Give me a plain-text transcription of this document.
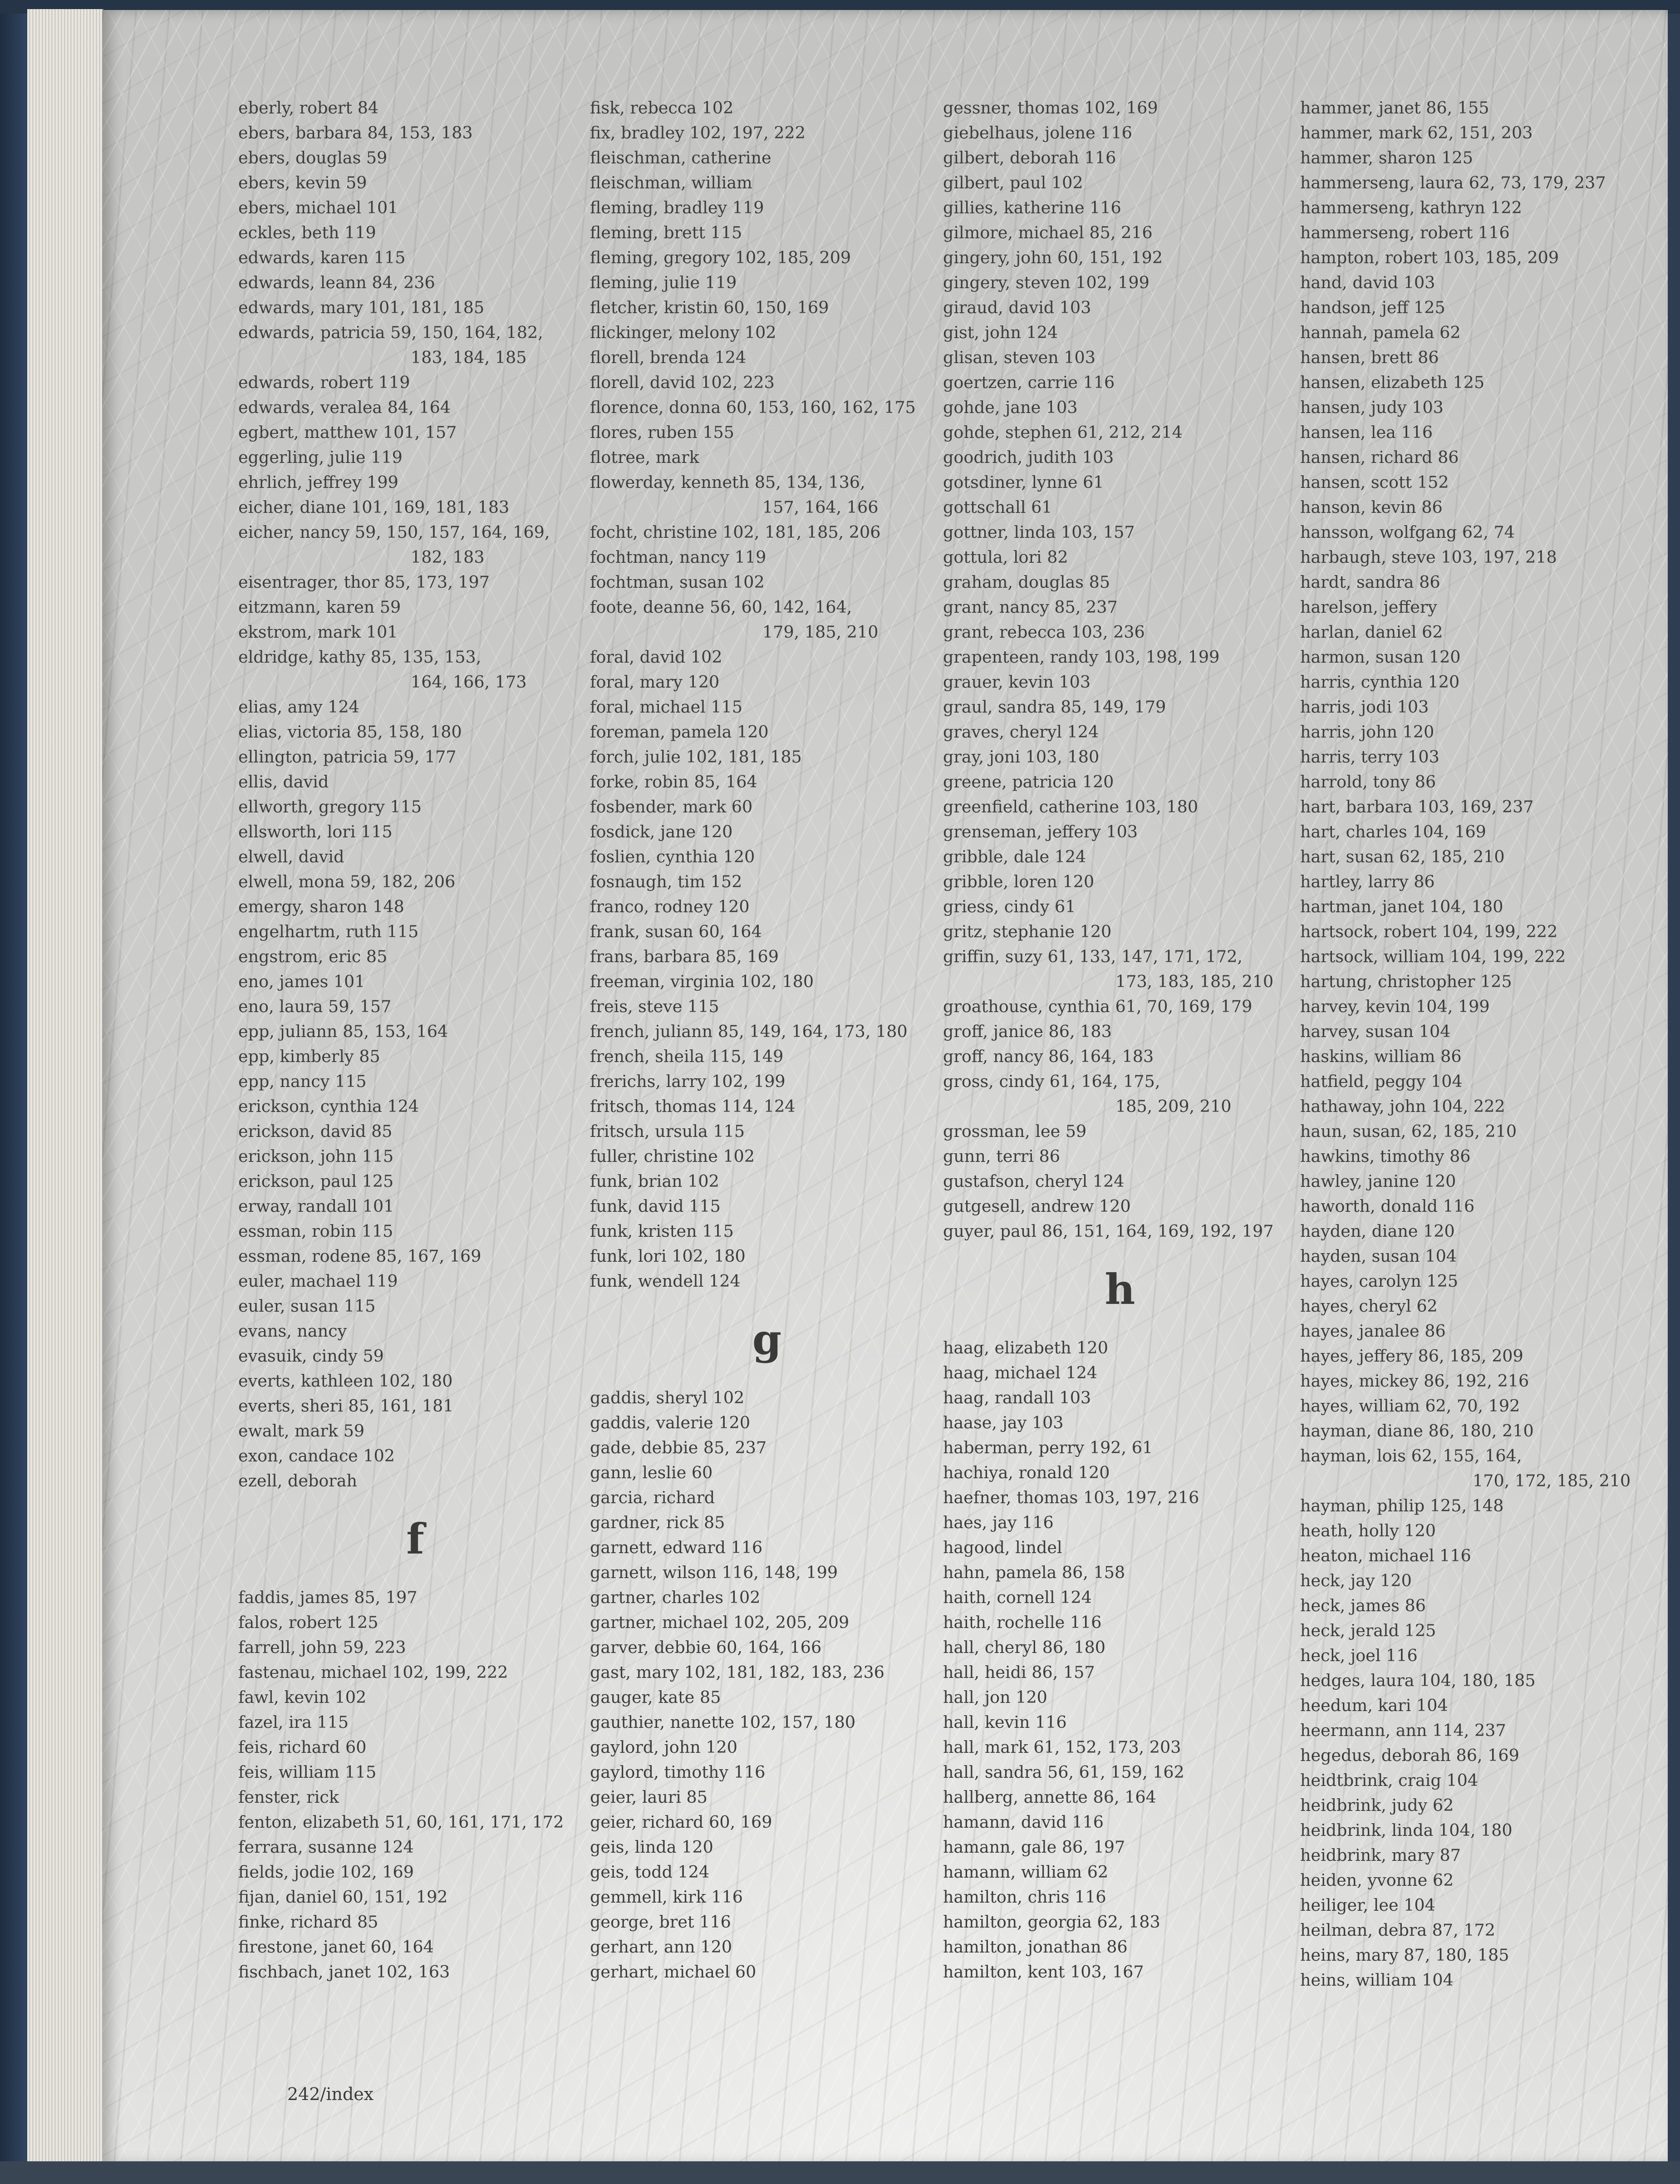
eberly, robert 84
ebers, barbara 84, 153, 183
ebers, douglas 59
ebers, kevin 59
ebers, michael 101
eckles, beth 119
edwards, karen 115
edwards, leann 84, 236
edwards, mary 101, 181, 185
edwards, patricia 59, 150, 164, 182,
183, 184, 185
edwards, robert 119
edwards, veralea 84, 164
egbert, matthew 101, 157
eggerling, julie 119
ehrlich, jeffrey 199
eicher, diane 101, 169, 181, 183
eicher, nancy 59, 150, 157, 164, 169,
182, 183
eisentrager, thor 85, 173, 197
eitzmann, karen 59
ekstrom, mark 101
eldridge, kathy 85, 135, 153,
164, 166, 173
elias, amy 124
elias, victoria 85, 158, 180
ellington, patricia 59, 177
ellis, david
ellworth, gregory 115
ellsworth, lori 115
elwell, david
elwell, mona 59, 182, 206
emergy, sharon 148
engelhartm, ruth 115
engstrom, eric 85
eno, james 101
eno, laura 59, 157
epp, juliann 85, 153, 164
epp, kimberly 85
epp, nancy 115
erickson, cynthia 124
erickson, david 85
erickson, john 115
erickson, paul 125
erway, randall 101
essman, robin 115
essman, rodene 85, 167, 169
euler, machael 119
euler, susan 115
evans, nancy
evasuik, cindy 59
everts, kathleen 102, 180
everts, sheri 85, 161, 181
ewalt, mark 59
exon, candace 102
ezell, deborah
f
faddis, james 85, 197
falos, robert 125
farrell, john 59, 223
fastenau, michael 102, 199, 222
fawl, kevin 102
fazel, ira 115
feis, richard 60
feis, william 115
fenster, rick
fenton, elizabeth 51, 60, 161, 171, 172
ferrara, susanne 124
fields, jodie 102, 169
fijan, daniel 60, 151, 192
finke, richard 85
firestone, janet 60, 164
fischbach, janet 102, 163
fisk, rebecca 102
fix, bradley 102, 197, 222
fleischman, catherine
fleischman, william
fleming, bradley 119
fleming, brett 115
fleming, gregory 102, 185, 209
fleming, julie 119
fletcher, kristin 60, 150, 169
flickinger, melony 102
florell, brenda 124
florell, david 102, 223
florence, donna 60, 153, 160, 162, 175
flores, ruben 155
flotree, mark
flowerday, kenneth 85, 134, 136,
157, 164, 166
focht, christine 102, 181, 185, 206
fochtman, nancy 119
fochtman, susan 102
foote, deanne 56, 60, 142, 164,
179, 185, 210
foral, david 102
foral, mary 120
foral, michael 115
foreman, pamela 120
forch, julie 102, 181, 185
forke, robin 85, 164
fosbender, mark 60
fosdick, jane 120
foslien, cynthia 120
fosnaugh, tim 152
franco, rodney 120
frank, susan 60, 164
frans, barbara 85, 169
freeman, virginia 102, 180
freis, steve 115
french, juliann 85, 149, 164, 173, 180
french, sheila 115, 149
frerichs, larry 102, 199
fritsch, thomas 114, 124
fritsch, ursula 115
fuller, christine 102
funk, brian 102
funk, david 115
funk, kristen 115
funk, lori 102, 180
funk, wendell 124
g
gaddis, sheryl 102
gaddis, valerie 120
gade, debbie 85, 237
gann, leslie 60
garcia, richard
gardner, rick 85
garnett, edward 116
garnett, wilson 116, 148, 199
gartner, charles 102
gartner, michael 102, 205, 209
garver, debbie 60, 164, 166
gast, mary 102, 181, 182, 183, 236
gauger, kate 85
gauthier, nanette 102, 157, 180
gaylord, john 120
gaylord, timothy 116
geier, lauri 85
geier, richard 60, 169
geis, linda 120
geis, todd 124
gemmell, kirk 116
george, bret 116
gerhart, ann 120
gerhart, michael 60
gessner, thomas 102, 169
giebelhaus, jolene 116
gilbert, deborah 116
gilbert, paul 102
gillies, katherine 116
gilmore, michael 85, 216
gingery, john 60, 151, 192
gingery, steven 102, 199
giraud, david 103
gist, john 124
glisan, steven 103
goertzen, carrie 116
gohde, jane 103
gohde, stephen 61, 212, 214
goodrich, judith 103
gotsdiner, lynne 61
gottschall 61
gottner, linda 103, 157
gottula, lori 82
graham, douglas 85
grant, nancy 85, 237
grant, rebecca 103, 236
grapenteen, randy 103, 198, 199
grauer, kevin 103
graul, sandra 85, 149, 179
graves, cheryl 124
gray, joni 103, 180
greene, patricia 120
greenfield, catherine 103, 180
grenseman, jeffery 103
gribble, dale 124
gribble, loren 120
griess, cindy 61
gritz, stephanie 120
griffin, suzy 61, 133, 147, 171, 172,
173, 183, 185, 210
groathouse, cynthia 61, 70, 169, 179
groff, janice 86, 183
groff, nancy 86, 164, 183
gross, cindy 61, 164, 175,
185, 209, 210
grossman, lee 59
gunn, terri 86
gustafson, cheryl 124
gutgesell, andrew 120
guyer, paul 86, 151, 164, 169, 192, 197
h
haag, elizabeth 120
haag, michael 124
haag, randall 103
haase, jay 103
haberman, perry 192, 61
hachiya, ronald 120
haefner, thomas 103, 197, 216
haes, jay 116
hagood, lindel
hahn, pamela 86, 158
haith, cornell 124
haith, rochelle 116
hall, cheryl 86, 180
hall, heidi 86, 157
hall, jon 120
hall, kevin 116
hall, mark 61, 152, 173, 203
hall, sandra 56, 61, 159, 162
hallberg, annette 86, 164
hamann, david 116
hamann, gale 86, 197
hamann, william 62
hamilton, chris 116
hamilton, georgia 62, 183
hamilton, jonathan 86
hamilton, kent 103, 167
hammer, janet 86, 155
hammer, mark 62, 151, 203
hammer, sharon 125
hammerseng, laura 62, 73, 179, 237
hammerseng, kathryn 122
hammerseng, robert 116
hampton, robert 103, 185, 209
hand, david 103
handson, jeff 125
hannah, pamela 62
hansen, brett 86
hansen, elizabeth 125
hansen, judy 103
hansen, lea 116
hansen, richard 86
hansen, scott 152
hanson, kevin 86
hansson, wolfgang 62, 74
harbaugh, steve 103, 197, 218
hardt, sandra 86
harelson, jeffery
harlan, daniel 62
harmon, susan 120
harris, cynthia 120
harris, jodi 103
harris, john 120
harris, terry 103
harrold, tony 86
hart, barbara 103, 169, 237
hart, charles 104, 169
hart, susan 62, 185, 210
hartley, larry 86
hartman, janet 104, 180
hartsock, robert 104, 199, 222
hartsock, william 104, 199, 222
hartung, christopher 125
harvey, kevin 104, 199
harvey, susan 104
haskins, william 86
hatfield, peggy 104
hathaway, john 104, 222
haun, susan, 62, 185, 210
hawkins, timothy 86
hawley, janine 120
haworth, donald 116
hayden, diane 120
hayden, susan 104
hayes, carolyn 125
hayes, cheryl 62
hayes, janalee 86
hayes, jeffery 86, 185, 209
hayes, mickey 86, 192, 216
hayes, william 62, 70, 192
hayman, diane 86, 180, 210
hayman, lois 62, 155, 164,
170, 172, 185, 210
hayman, philip 125, 148
heath, holly 120
heaton, michael 116
heck, jay 120
heck, james 86
heck, jerald 125
heck, joel 116
hedges, laura 104, 180, 185
heedum, kari 104
heermann, ann 114, 237
hegedus, deborah 86, 169
heidtbrink, craig 104
heidbrink, judy 62
heidbrink, linda 104, 180
heidbrink, mary 87
heiden, yvonne 62
heiliger, lee 104
heilman, debra 87, 172
heins, mary 87, 180, 185
heins, william 104
242/index
